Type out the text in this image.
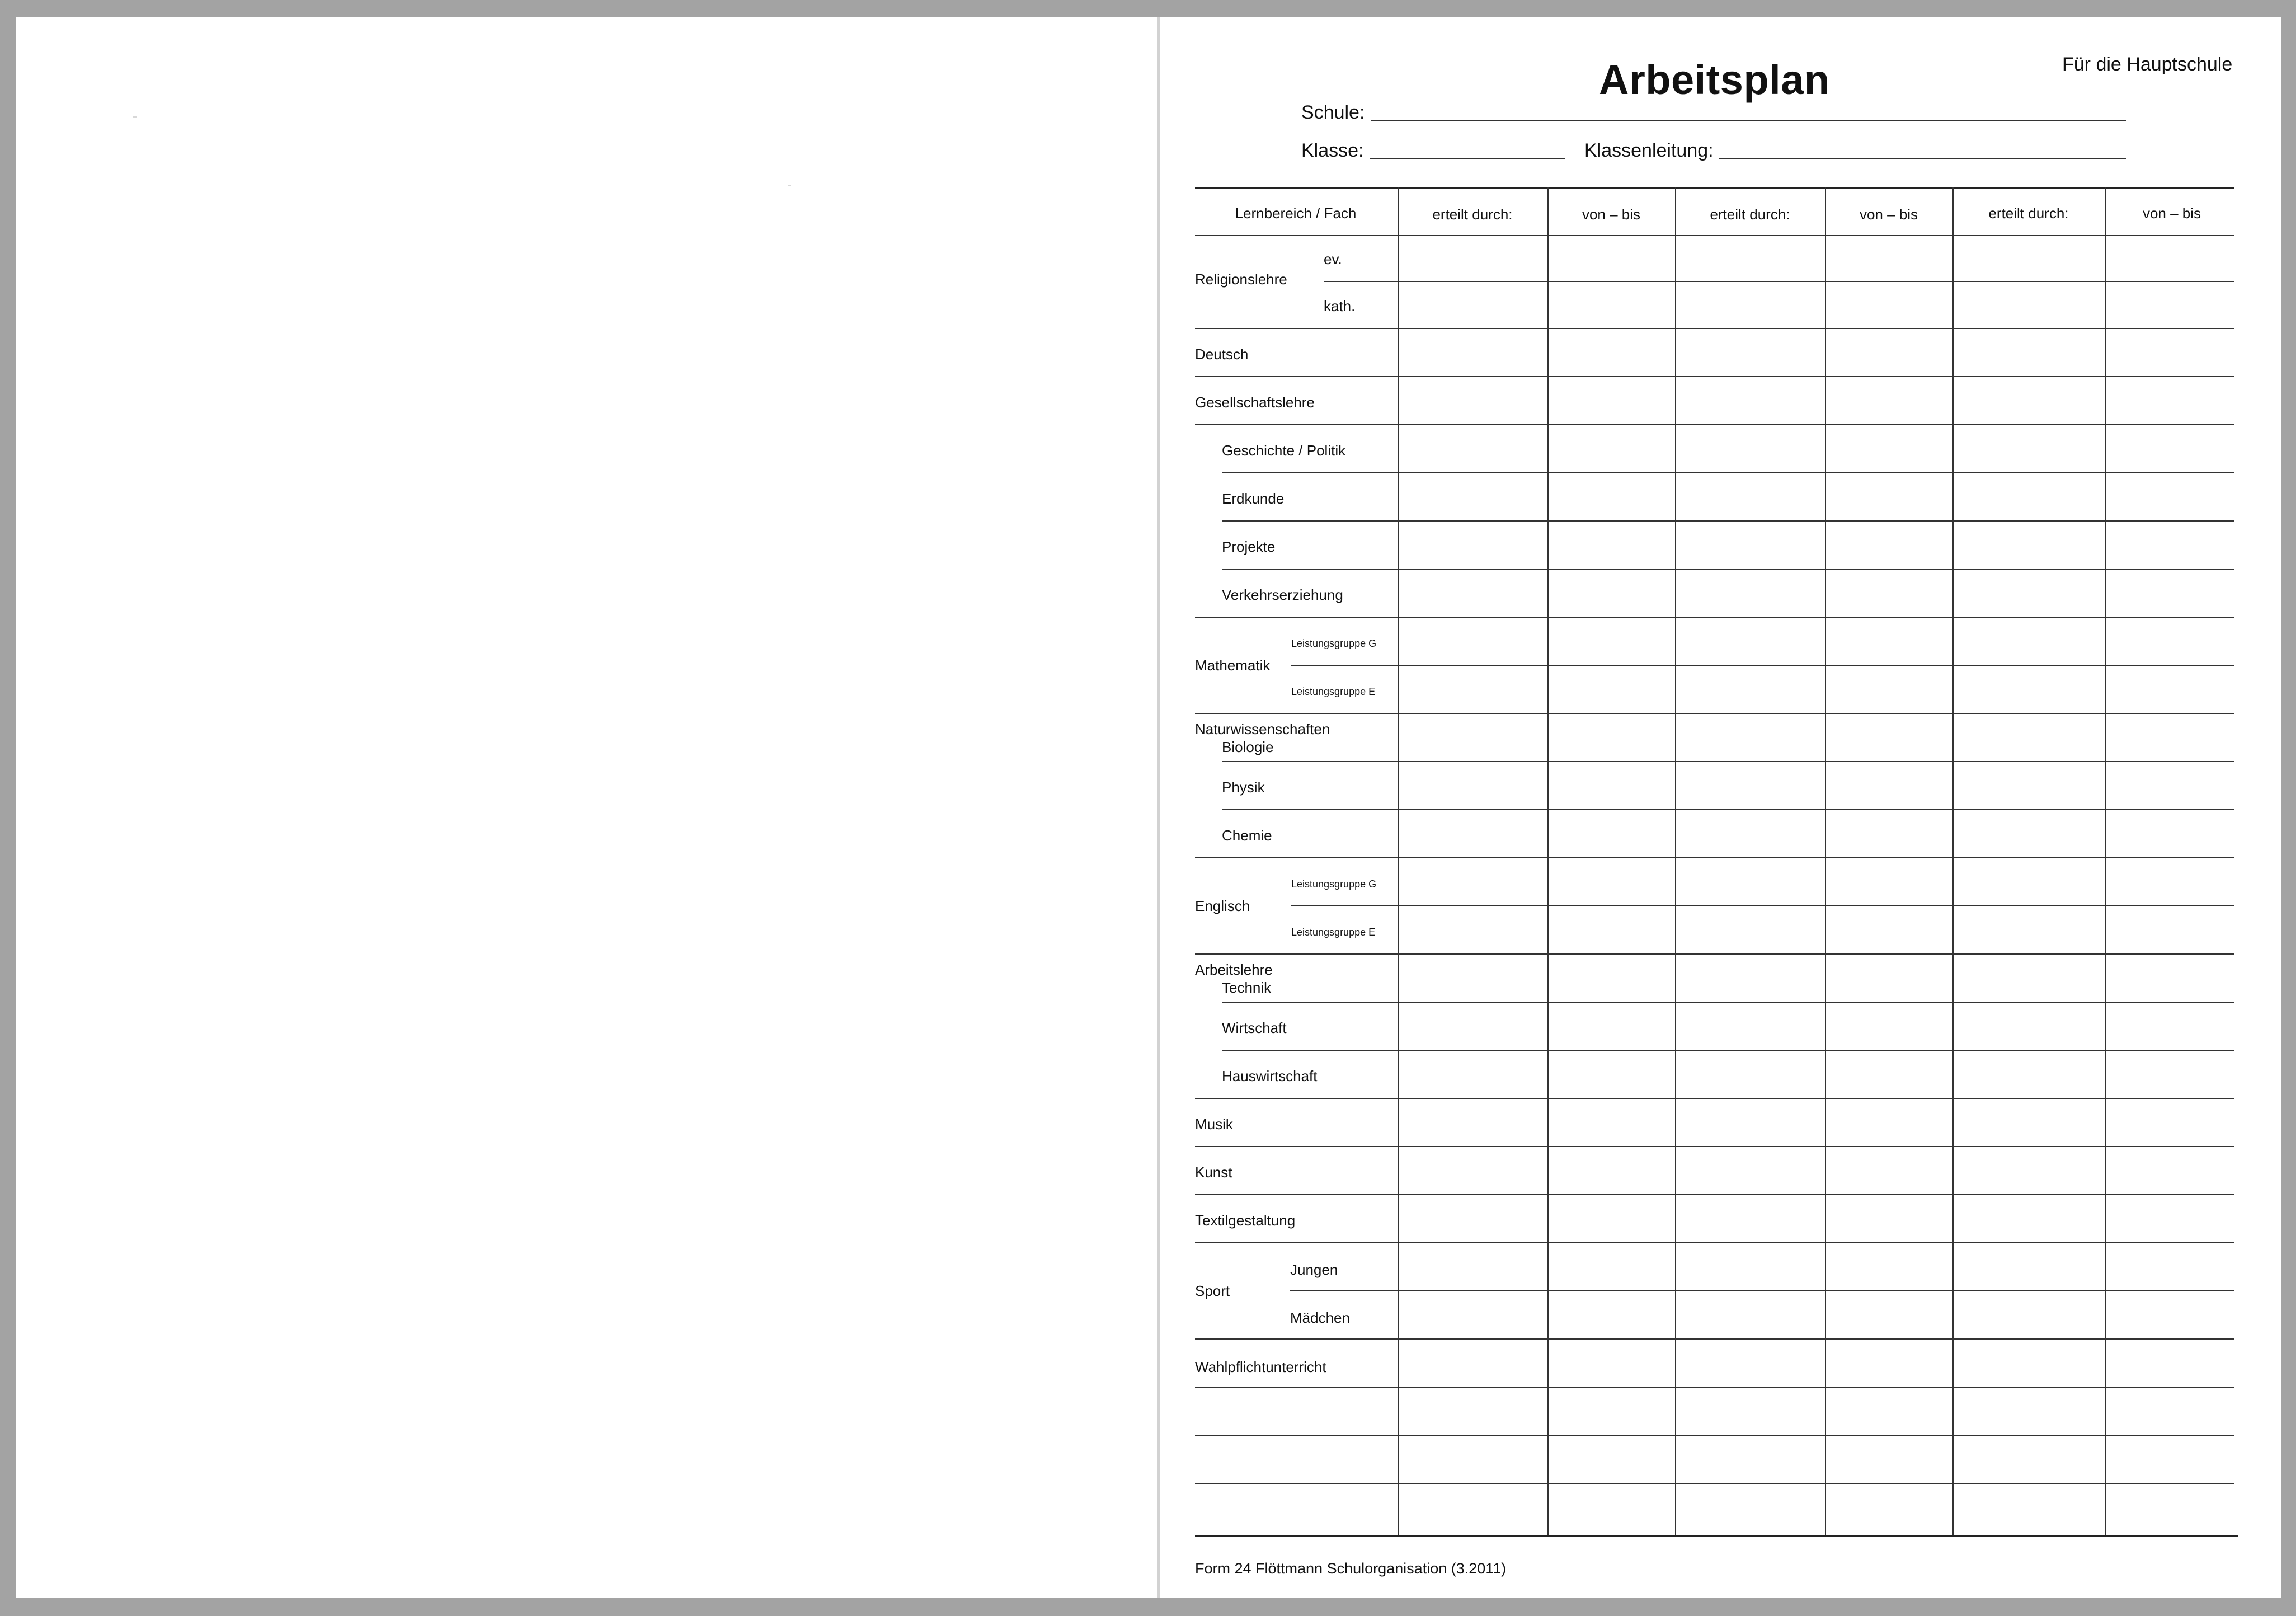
Arbeitsplan	Für die Hauptschule
Schule:
Klasse:	Klassenleitung:
Lernbereich / Fach	erteilt durch:	von – bis	erteilt durch:	von – bis	erteilt durch:	von – bis
Religionslehre
ev.
kath.
Deutsch
Gesellschaftslehre
Geschichte / Politik
Erdkunde
Projekte
Verkehrserziehung
Mathematik
Leistungsgruppe G
Leistungsgruppe E
Naturwissenschaften
Biologie
Physik
Chemie
Englisch
Leistungsgruppe G
Leistungsgruppe E
Arbeitslehre
Technik
Wirtschaft
Hauswirtschaft
Musik
Kunst
Textilgestaltung
Sport
Jungen
Mädchen
Wahlpflichtunterricht
Form 24 Flöttmann Schulorganisation (3.2011)
